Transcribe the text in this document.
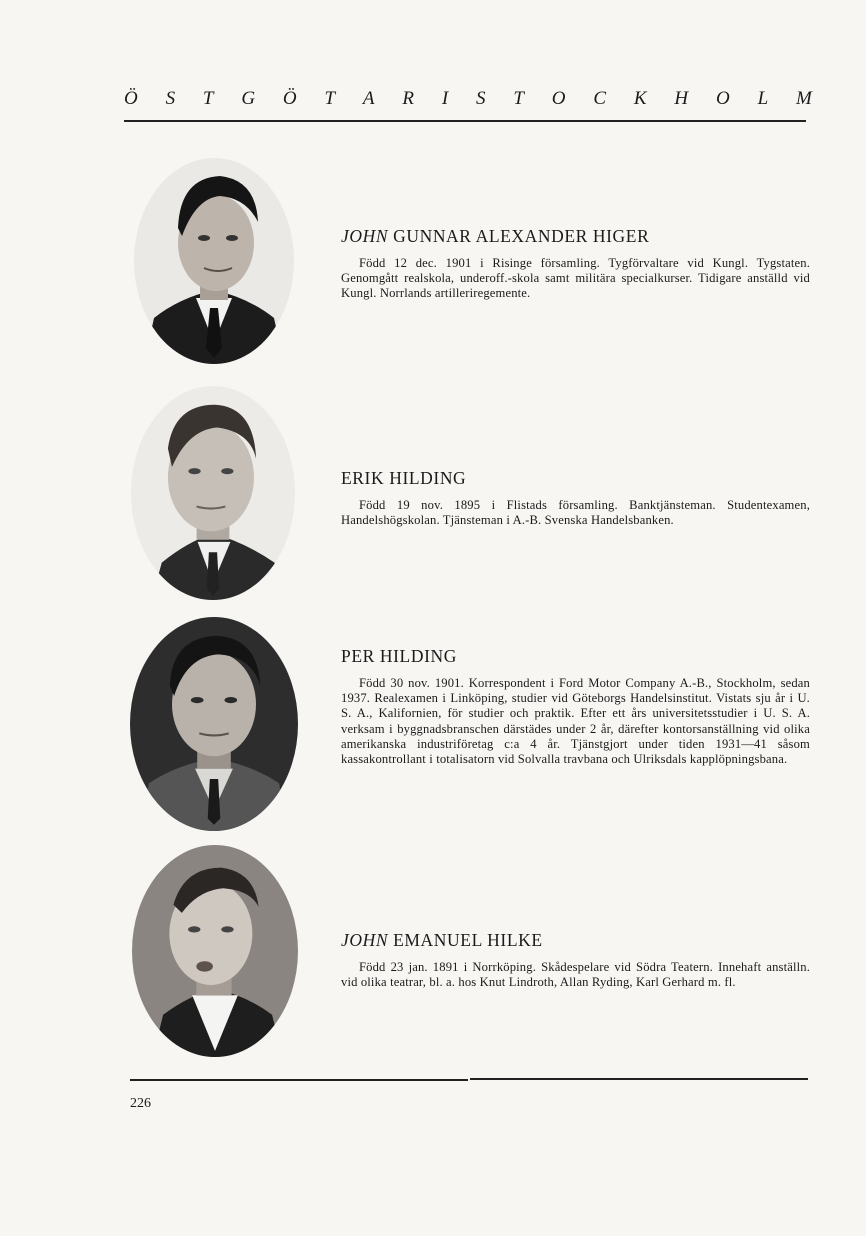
Ö S T G Ö T A R I S T O C K H O L M
JOHN GUNNAR ALEXANDER HIGER

Född 12 dec. 1901 i Risinge församling. Tygförvaltare vid Kungl. Tygstaten. Genomgått realskola, underoff.-skola samt militära specialkurser. Tidigare anställd vid Kungl. Norrlands artilleriregemente.

ERIK HILDING

Född 19 nov. 1895 i Flistads församling. Banktjänsteman. Studentexamen, Handelshögskolan. Tjänsteman i A.-B. Svenska Handelsbanken.

PER HILDING

Född 30 nov. 1901. Korrespondent i Ford Motor Company A.-B., Stockholm, sedan 1937. Realexamen i Linköping, studier vid Göteborgs Handelsinstitut. Vistats sju år i U. S. A., Kalifornien, för studier och praktik. Efter ett års universitetsstudier i U. S. A. verksam i byggnadsbranschen därstädes under 2 år, därefter kontorsanställning vid olika amerikanska industriföretag c:a 4 år. Tjänstgjort under tiden 1931—41 såsom kassakontrollant i totalisatorn vid Solvalla travbana och Ulriksdals kapplöpningsbana.

JOHN EMANUEL HILKE

Född 23 jan. 1891 i Norrköping. Skådespelare vid Södra Teatern. Innehaft anställn. vid olika teatrar, bl. a. hos Knut Lindroth, Allan Ryding, Karl Gerhard m. fl.

226
